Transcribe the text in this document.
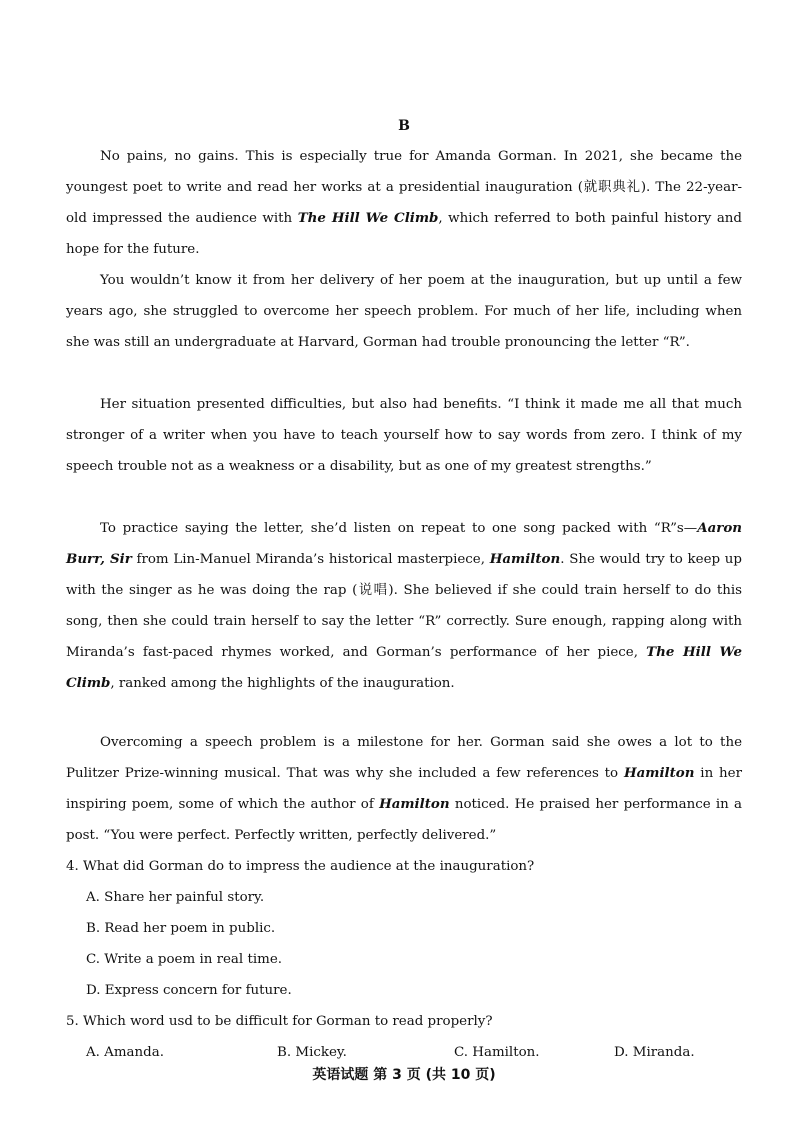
B

No pains, no gains. This is especially true for Amanda Gorman. In 2021, she became the youngest poet to write and read her works at a presidential inauguration (就职典礼). The 22-year-old impressed the audience with The Hill We Climb, which referred to both painful history and hope for the future.

You wouldn’t know it from her delivery of her poem at the inauguration, but up until a few years ago, she struggled to overcome her speech problem. For much of her life, including when she was still an undergraduate at Harvard, Gorman had trouble pronouncing the letter “R”.

Her situation presented difficulties, but also had benefits. “I think it made me all that much stronger of a writer when you have to teach yourself how to say words from zero. I think of my speech trouble not as a weakness or a disability, but as one of my greatest strengths.”

To practice saying the letter, she’d listen on repeat to one song packed with “R”s—Aaron Burr, Sir from Lin-Manuel Miranda’s historical masterpiece, Hamilton. She would try to keep up with the singer as he was doing the rap (说唱). She believed if she could train herself to do this song, then she could train herself to say the letter “R” correctly. Sure enough, rapping along with Miranda’s fast-paced rhymes worked, and Gorman’s performance of her piece, The Hill We Climb, ranked among the highlights of the inauguration.

Overcoming a speech problem is a milestone for her. Gorman said she owes a lot to the Pulitzer Prize-winning musical. That was why she included a few references to Hamilton in her inspiring poem, some of which the author of Hamilton noticed. He praised her performance in a post. “You were perfect. Perfectly written, perfectly delivered.”

4. What did Gorman do to impress the audience at the inauguration?
A. Share her painful story.
B. Read her poem in public.
C. Write a poem in real time.
D. Express concern for future.
5. Which word usd to be difficult for Gorman to read properly?
A. Amanda.	B. Mickey.	C. Hamilton.	D. Miranda.
英语试题 第 3 页 (共 10 页)
